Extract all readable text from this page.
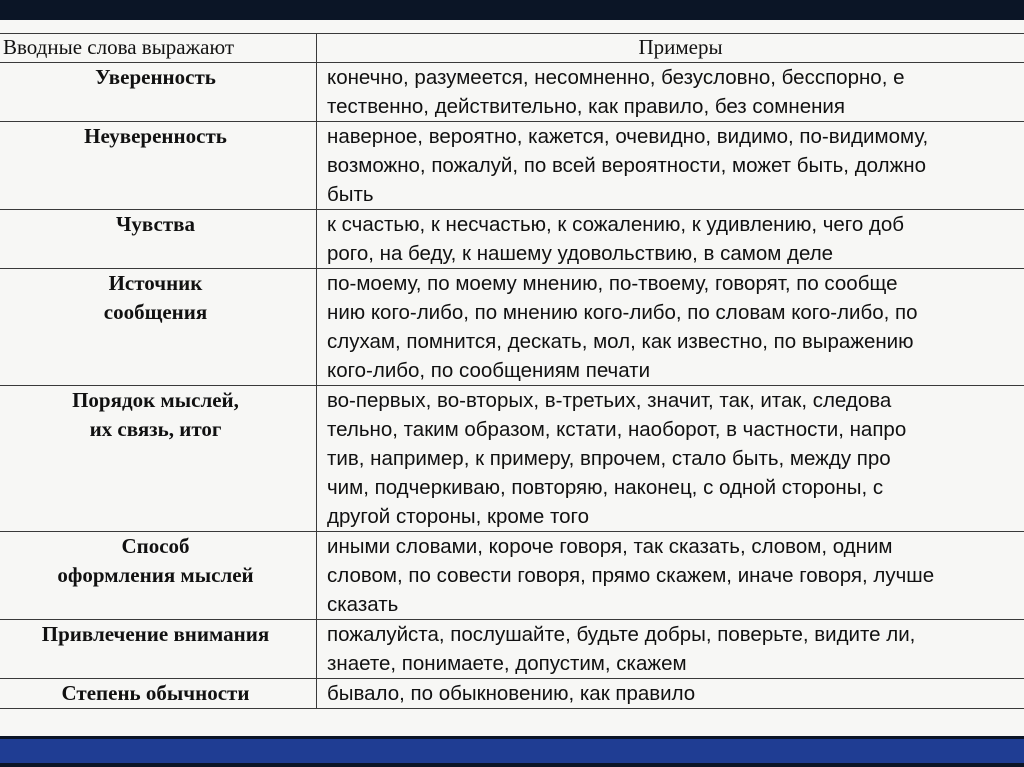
Вводные слова выражают	Примеры
Уверенность	конечно, разумеется, несомненно, безусловно, бесспорно, е
тественно, действительно, как правило, без сомнения

Неуверенность	наверное, вероятно, кажется, очевидно, видимо, по-видимому,
возможно, пожалуй, по всей вероятности, может быть, должно
быть

Чувства	к счастью, к несчастью, к сожалению, к удивлению, чего доб
рого, на беду, к нашему удовольствию, в самом деле

Источник
сообщения	по-моему, по моему мнению, по-твоему, говорят, по сообще
нию кого-либо, по мнению кого-либо, по словам кого-либо, по
слухам, помнится, дескать, мол, как известно, по выражению
кого-либо, по сообщениям печати

Порядок мыслей,
их связь, итог	во-первых, во-вторых, в-третьих, значит, так, итак, следова
тельно, таким образом, кстати, наоборот, в частности, напро
тив, например, к примеру, впрочем, стало быть, между про
чим, подчеркиваю, повторяю, наконец, с одной стороны, с
другой стороны, кроме того

Способ
оформления мыслей	иными словами, короче говоря, так сказать, словом, одним
словом, по совести говоря, прямо скажем, иначе говоря, лучше
сказать

Привлечение внимания	пожалуйста, послушайте, будьте добры, поверьте, видите ли,
знаете, понимаете, допустим, скажем

Степень обычности	бывало, по обыкновению, как правило
